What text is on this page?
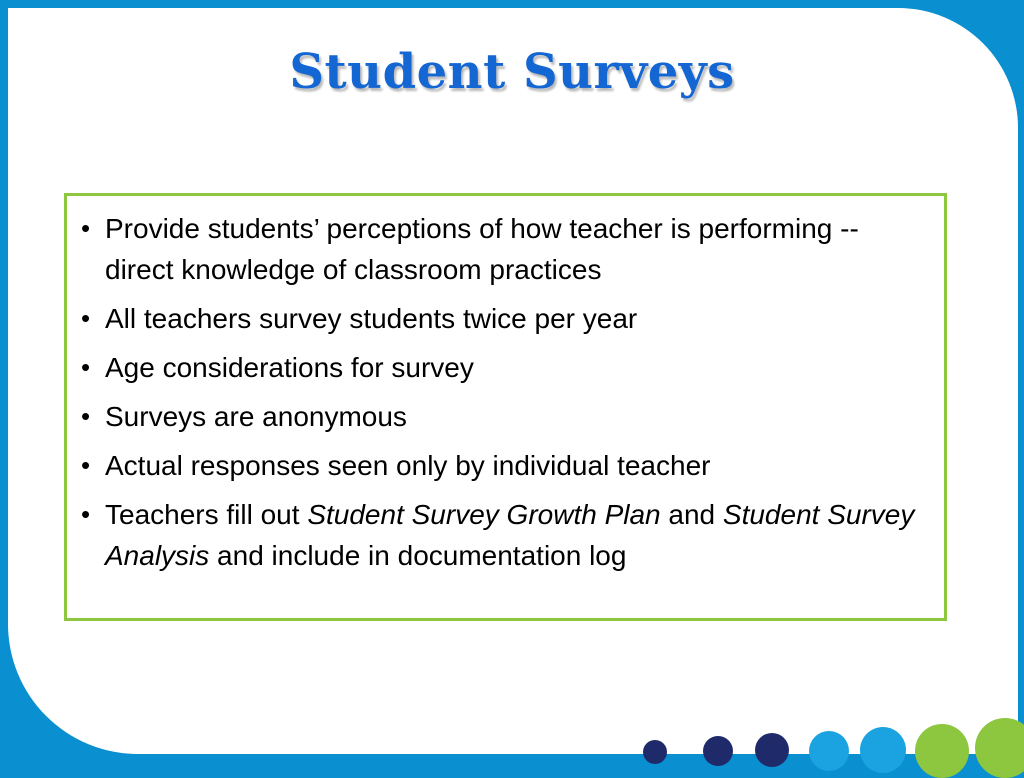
Student Surveys
• Provide students’ perceptions of how teacher is performing -- direct knowledge of classroom practices
• All teachers survey students twice per year
• Age considerations for survey
• Surveys are anonymous
• Actual responses seen only by individual teacher
• Teachers fill out Student Survey Growth Plan and Student Survey Analysis and include in documentation log
